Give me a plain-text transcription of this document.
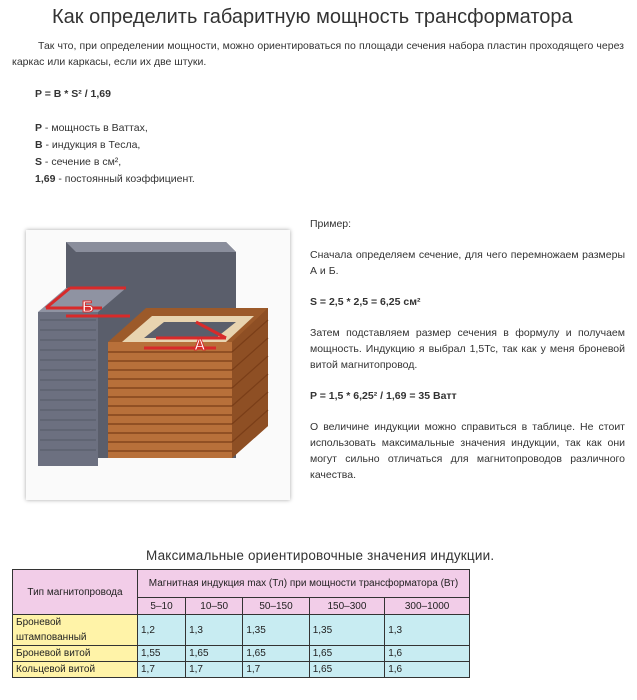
Как определить габаритную мощность трансформатора
Так что, при определении мощности, можно ориентироваться по площади сечения набора пластин проходящего через каркас или каркасы, если их две штуки.
P = B * S² / 1,69
P - мощность в Ваттах,
B - индукция в Тесла,
S - сечение в см²,
1,69 - постоянный коэффициент.
Б
А

Пример:

Сначала определяем сечение, для чего перемножаем размеры А и Б.

S = 2,5 * 2,5 = 6,25 см²

Затем подставляем размер сечения в формулу и получаем мощность. Индукцию я выбрал 1,5Тс, так как у меня броневой витой магнитопровод.

P = 1,5 * 6,25² / 1,69 = 35 Ватт

О величине индукции можно справиться в таблице. Не стоит использовать максимальные значения индукции, так как они могут сильно отличаться для магнитопроводов различного качества.

Максимальные ориентировочные значения индукции.
Тип магнитопровода	Магнитная индукция max (Тл) при мощности трансформатора (Вт)				
	5–10	10–50	50–150	150–300	300–1000
Броневой штампованный	1,2	1,3	1,35	1,35	1,3
Броневой витой	1,55	1,65	1,65	1,65	1,6
Кольцевой витой	1,7	1,7	1,7	1,65	1,6
